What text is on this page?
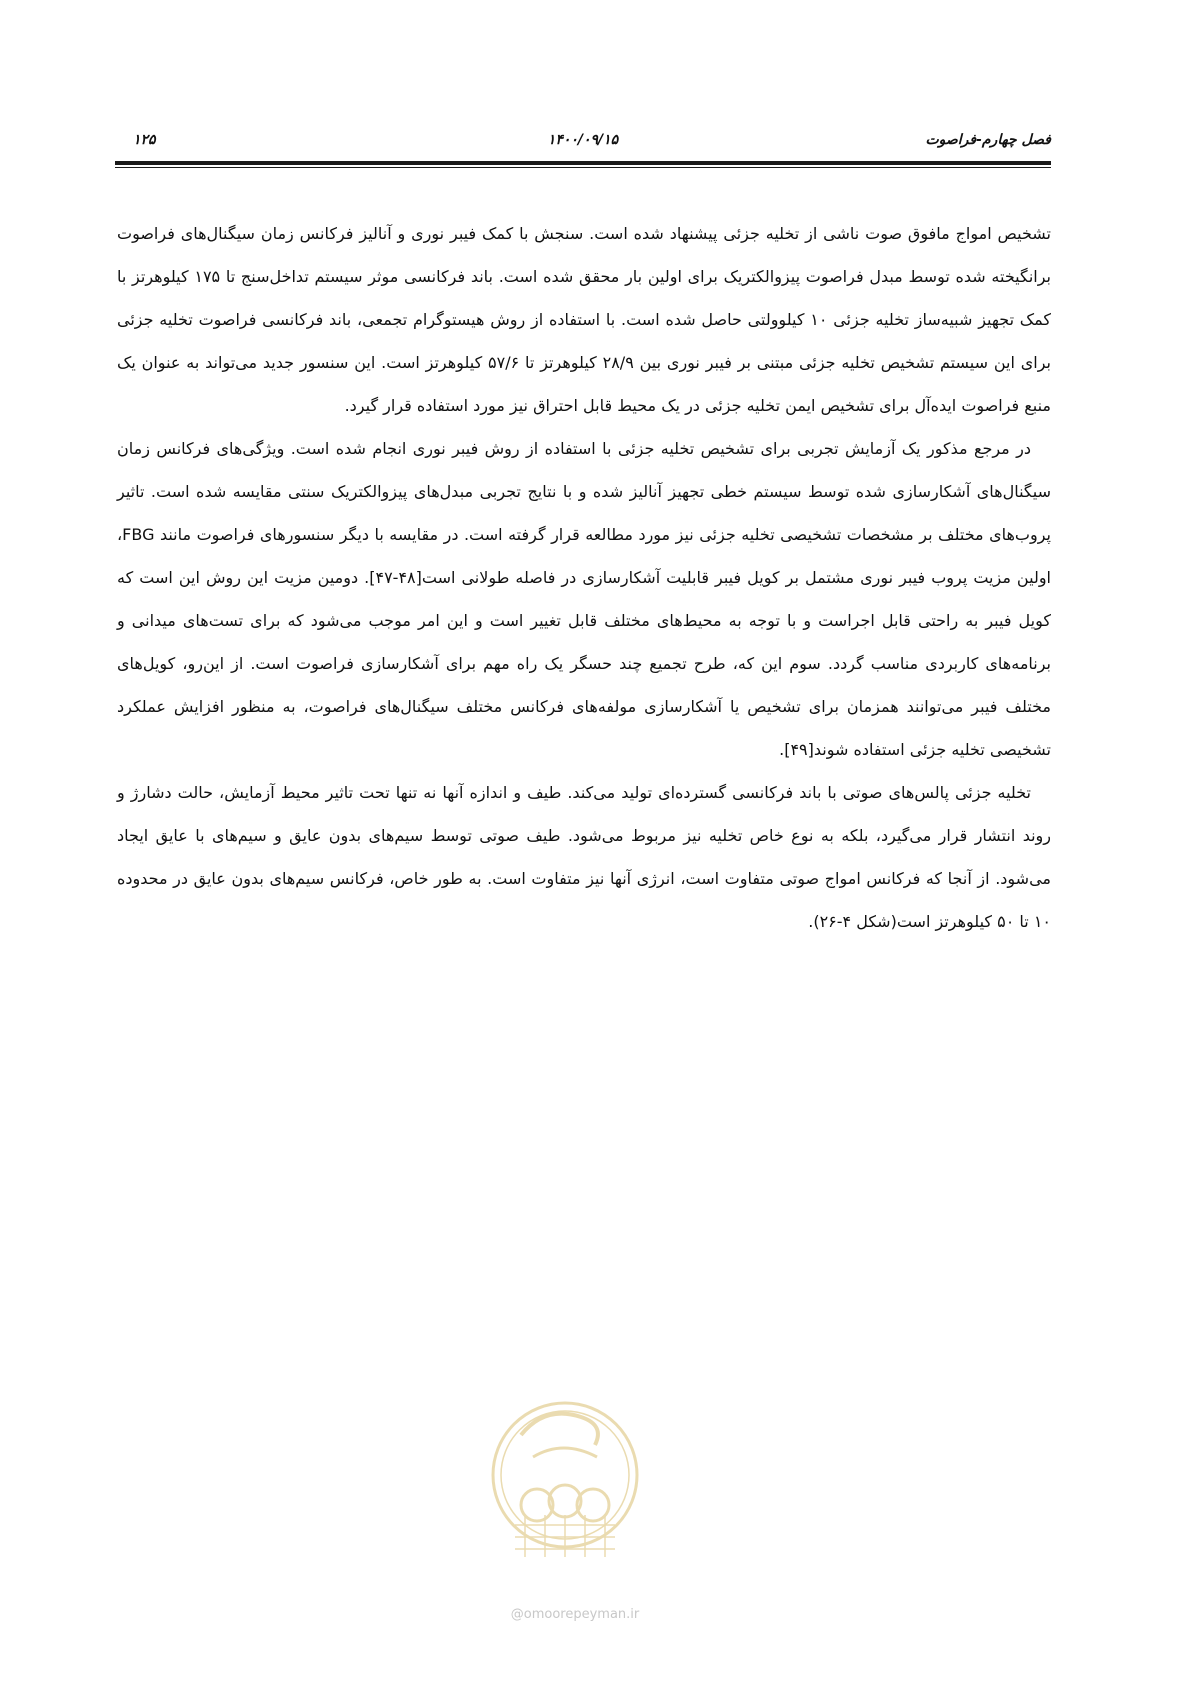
فصل چهارم-فراصوت
۱۴۰۰/۰۹/۱۵
۱۲۵

تشخیص امواج مافوق صوت ناشی از تخلیه جزئی پیشنهاد شده است. سنجش با کمک فیبر نوری و آنالیز فرکانس زمان سیگنال‌های فراصوت برانگیخته شده توسط مبدل فراصوت پیزوالکتریک برای اولین بار محقق شده است. باند فرکانسی موثر سیستم تداخل‌سنج تا ۱۷۵ کیلوهرتز با کمک تجهیز شبیه‌ساز تخلیه جزئی ۱۰ کیلوولتی حاصل شده است. با استفاده از روش هیستوگرام تجمعی، باند فرکانسی فراصوت تخلیه جزئی برای این سیستم تشخیص تخلیه جزئی مبتنی بر فیبر نوری بین ۲۸/۹ کیلوهرتز تا ۵۷/۶ کیلوهرتز است. این سنسور جدید می‌تواند به عنوان یک منبع فراصوت ایده‌آل برای تشخیص ایمن تخلیه جزئی در یک محیط قابل احتراق نیز مورد استفاده قرار گیرد.

در مرجع مذکور یک آزمایش تجربی برای تشخیص تخلیه جزئی با استفاده از روش فیبر نوری انجام شده است. ویژگی‌های فرکانس زمان سیگنال‌های آشکارسازی شده توسط سیستم خطی تجهیز آنالیز شده و با نتایج تجربی مبدل‌های پیزوالکتریک سنتی مقایسه شده است. تاثیر پروب‌های مختلف بر مشخصات تشخیصی تخلیه جزئی نیز مورد مطالعه قرار گرفته است. در مقایسه با دیگر سنسورهای فراصوت مانند FBG، اولین مزیت پروب فیبر نوری مشتمل بر کویل فیبر قابلیت آشکارسازی در فاصله طولانی است[۴۸-۴۷]. دومین مزیت این روش این است که کویل فیبر به راحتی قابل اجراست و با توجه به محیط‌های مختلف قابل تغییر است و این امر موجب می‌شود که برای تست‌های میدانی و برنامه‌های کاربردی مناسب گردد. سوم این که، طرح تجمیع چند حسگر یک راه مهم برای آشکارسازی فراصوت است. از این‌رو، کویل‌های مختلف فیبر می‌توانند همزمان برای تشخیص یا آشکارسازی مولفه‌های فرکانس مختلف سیگنال‌های فراصوت، به منظور افزایش عملکرد تشخیصی تخلیه جزئی استفاده شوند[۴۹].

تخلیه جزئی پالس‌های صوتی با باند فرکانسی گسترده‌ای تولید می‌کند. طیف و اندازه آنها نه تنها تحت تاثیر محیط آزمایش، حالت دشارژ و روند انتشار قرار می‌گیرد، بلکه به نوع خاص تخلیه نیز مربوط می‌شود. طیف صوتی توسط سیم‌های بدون عایق و سیم‌های با عایق ایجاد می‌شود. از آنجا که فرکانس امواج صوتی متفاوت است، انرژی آنها نیز متفاوت است. به طور خاص، فرکانس سیم‌های بدون عایق در محدوده ۱۰ تا ۵۰ کیلوهرتز است(شکل ۴-۲۶).

@omoorepeyman.ir
